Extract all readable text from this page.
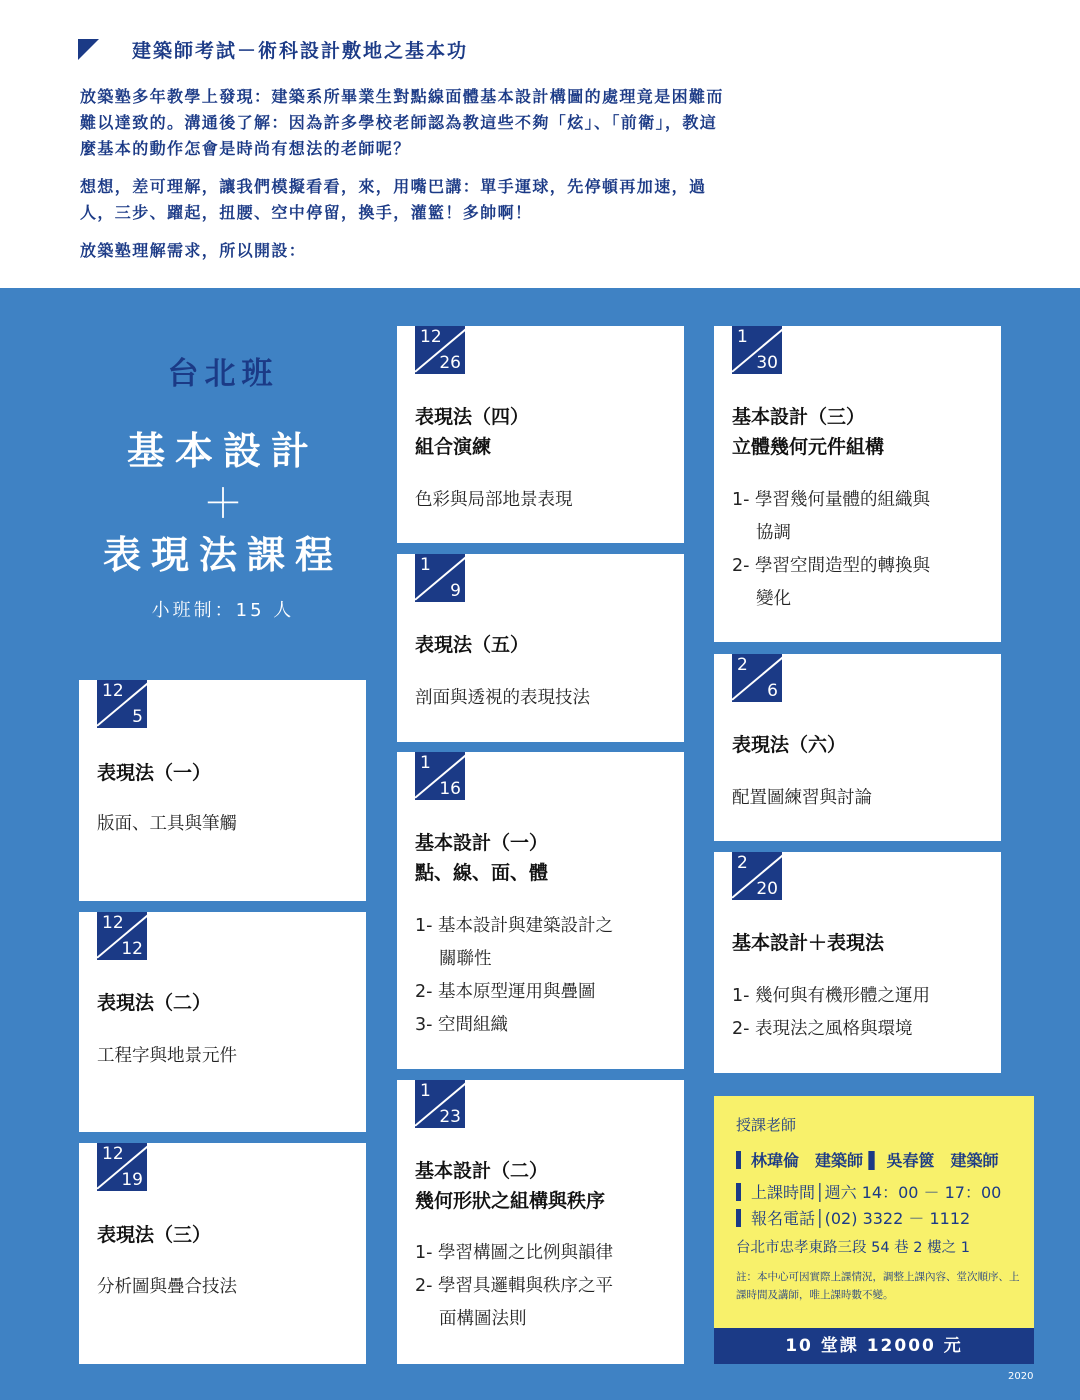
建築師考試－術科設計敷地之基本功
放築塾多年教學上發現：建築系所畢業生對點線面體基本設計構圖的處理竟是困難而難以達致的。溝通後了解：因為許多學校老師認為教這些不夠「炫」、「前衛」，教這麼基本的動作怎會是時尚有想法的老師呢？
想想，差可理解，讓我們模擬看看，來，用嘴巴講：單手運球，先停頓再加速，過人，三步、躍起，扭腰、空中停留，換手，灌籃！多帥啊！
放築塾理解需求，所以開設：
台北班
基本設計
＋
表現法課程
小班制：15 人
12
5
表現法（一）
版面、工具與筆觸
12
12
表現法（二）
工程字與地景元件
12
19
表現法（三）
分析圖與疊合技法
12
26
表現法（四）
組合演練
色彩與局部地景表現
1
9
表現法（五）
剖面與透視的表現技法
1
16
基本設計（一）
點、線、面、體
1- 基本設計與建築設計之
關聯性
2- 基本原型運用與疊圖
3- 空間組織
1
23
基本設計（二）
幾何形狀之組構與秩序
1- 學習構圖之比例與韻律
2- 學習具邏輯與秩序之平
面構圖法則
1
30
基本設計（三）
立體幾何元件組構
1- 學習幾何量體的組織與
協調
2- 學習空間造型的轉換與
變化
2
6
表現法（六）
配置圖練習與討論
2
20
基本設計＋表現法
1- 幾何與有機形體之運用
2- 表現法之風格與環境
授課老師
林瑋倫　建築師 ▌ 吳春篋　建築師
上課時間│週六 14：00 － 17：00
報名電話│(02) 3322 － 1112
台北市忠孝東路三段 54 巷 2 樓之 1
註：本中心可因實際上課情況，調整上課內容、堂次順序、上課時間及講師，唯上課時數不變。
10 堂課 12000 元
2020
